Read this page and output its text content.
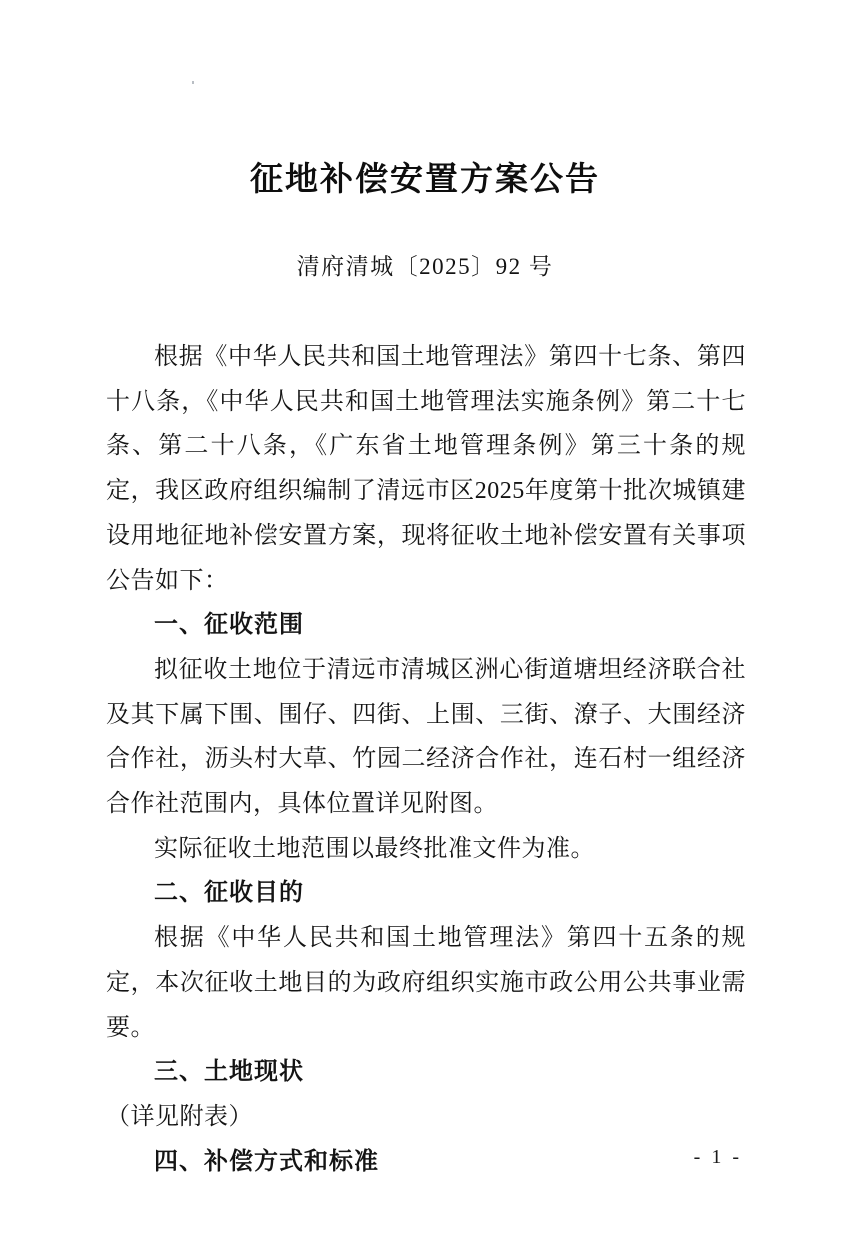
征地补偿安置方案公告
清府清城〔2025〕92 号

根据《中华人民共和国土地管理法》第四十七条、第四十八条，《中华人民共和国土地管理法实施条例》第二十七条、第二十八条，《广东省土地管理条例》第三十条的规定，我区政府组织编制了清远市区2025年度第十批次城镇建设用地征地补偿安置方案，现将征收土地补偿安置有关事项公告如下：

一、征收范围

拟征收土地位于清远市清城区洲心街道塘坦经济联合社及其下属下围、围仔、四街、上围、三街、潦子、大围经济合作社，沥头村大草、竹园二经济合作社，连石村一组经济合作社范围内，具体位置详见附图。

实际征收土地范围以最终批准文件为准。

二、征收目的

根据《中华人民共和国土地管理法》第四十五条的规定，本次征收土地目的为政府组织实施市政公用公共事业需要。

三、土地现状

（详见附表）

四、补偿方式和标准	- 1 -
